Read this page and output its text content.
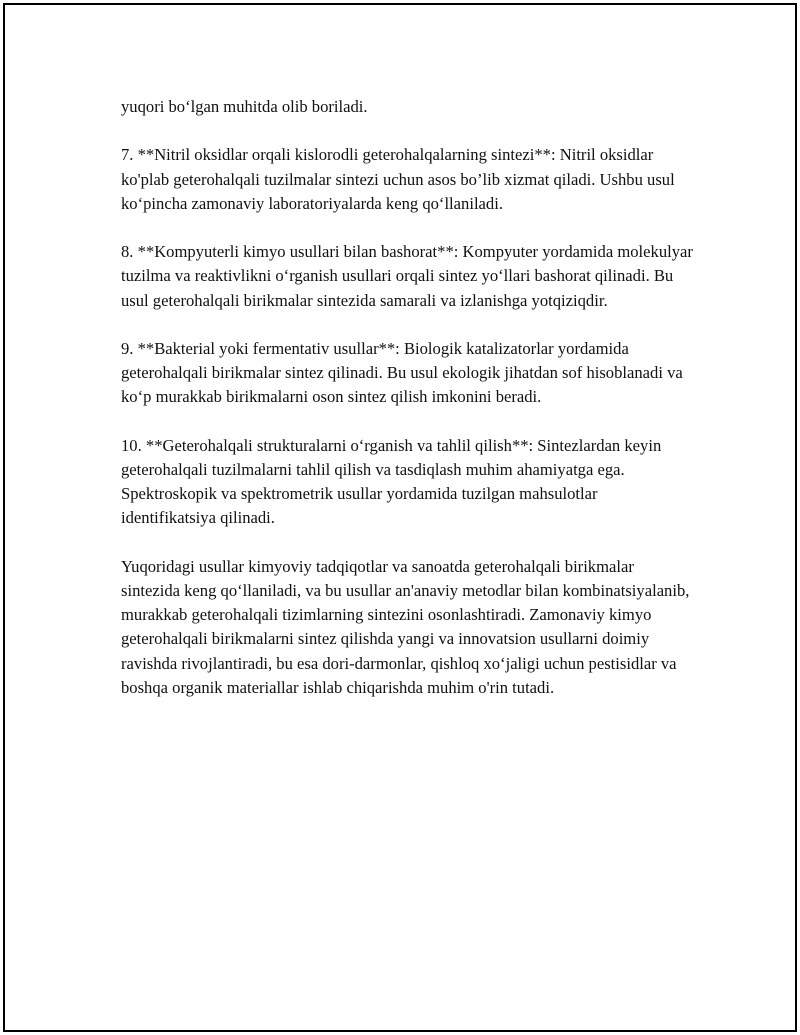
yuqori bo‘lgan muhitda olib boriladi.

7. **Nitril oksidlar orqali kislorodli geterohalqalarning sintezi**: Nitril oksidlar ko'plab geterohalqali tuzilmalar sintezi uchun asos bo’lib xizmat qiladi. Ushbu usul ko‘pincha zamonaviy laboratoriyalarda keng qo‘llaniladi.

8. **Kompyuterli kimyo usullari bilan bashorat**: Kompyuter yordamida molekulyar tuzilma va reaktivlikni o‘rganish usullari orqali sintez yo‘llari bashorat qilinadi. Bu usul geterohalqali birikmalar sintezida samarali va izlanishga yotqiziqdir.

9. **Bakterial yoki fermentativ usullar**: Biologik katalizatorlar yordamida geterohalqali birikmalar sintez qilinadi. Bu usul ekologik jihatdan sof hisoblanadi va ko‘p murakkab birikmalarni oson sintez qilish imkonini beradi.

10. **Geterohalqali strukturalarni o‘rganish va tahlil qilish**: Sintezlardan keyin geterohalqali tuzilmalarni tahlil qilish va tasdiqlash muhim ahamiyatga ega. Spektroskopik va spektrometrik usullar yordamida tuzilgan mahsulotlar identifikatsiya qilinadi.

Yuqoridagi usullar kimyoviy tadqiqotlar va sanoatda geterohalqali birikmalar sintezida keng qo‘llaniladi, va bu usullar an'anaviy metodlar bilan kombinatsiyalanib, murakkab geterohalqali tizimlarning sintezini osonlashtiradi. Zamonaviy kimyo geterohalqali birikmalarni sintez qilishda yangi va innovatsion usullarni doimiy ravishda rivojlantiradi, bu esa dori-darmonlar, qishloq xo‘jaligi uchun pestisidlar va boshqa organik materiallar ishlab chiqarishda muhim o'rin tutadi.
